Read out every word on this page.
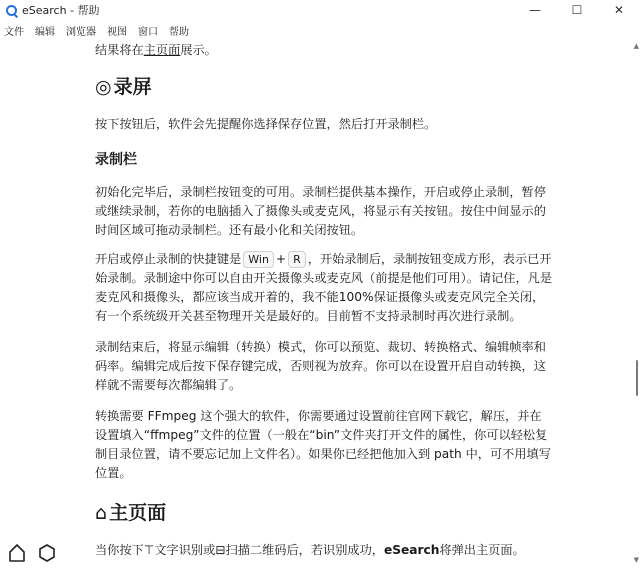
eSearch - 帮助	—	☐	✕
文件 编辑 浏览器 视图 窗口 帮助

结果将在主页面展示。

◎ 录屏

按下按钮后，软件会先提醒你选择保存位置，然后打开录制栏。

录制栏

初始化完毕后，录制栏按钮变的可用。录制栏提供基本操作，开启或停止录制，暂停或继续录制，若你的电脑插入了摄像头或麦克风，将显示有关按钮。按住中间显示的时间区域可拖动录制栏。还有最小化和关闭按钮。

开启或停止录制的快捷键是 Win + R ，开始录制后，录制按钮变成方形，表示已开始录制。录制途中你可以自由开关摄像头或麦克风（前提是他们可用）。请记住，凡是麦克风和摄像头，都应该当成开着的，我不能100%保证摄像头或麦克风完全关闭，有一个系统级开关甚至物理开关是最好的。目前暂不支持录制时再次进行录制。

录制结束后，将显示编辑（转换）模式，你可以预览、裁切、转换格式、编辑帧率和码率。编辑完成后按下保存键完成，否则视为放弃。你可以在设置开启自动转换，这样就不需要每次都编辑了。

转换需要 FFmpeg 这个强大的软件，你需要通过设置前往官网下载它，解压，并在设置填入“ffmpeg”文件的位置（一般在“bin”文件夹打开文件的属性，你可以轻松复制目录位置，请不要忘记加上文件名）。如果你已经把他加入到 path 中，可不用填写位置。

⌂ 主页面

当你按下⊤文字识别或⊟扫描二维码后，若识别成功，eSearch将弹出主页面。

▲
▼
